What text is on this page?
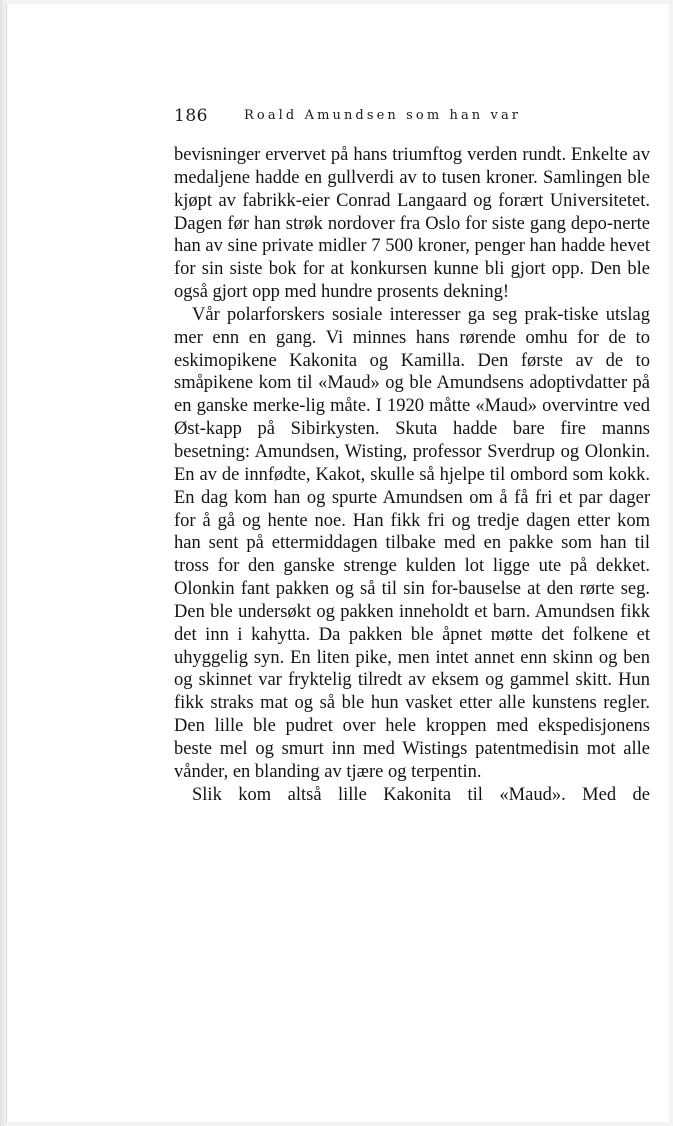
186	Roald Amundsen som han var

bevisninger ervervet på hans triumftog verden rundt. Enkelte av medaljene hadde en gullverdi av to tusen kroner. Samlingen ble kjøpt av fabrikk-eier Conrad Langaard og forært Universitetet. Dagen før han strøk nordover fra Oslo for siste gang depo-nerte han av sine private midler 7 500 kroner, penger han hadde hevet for sin siste bok for at konkursen kunne bli gjort opp. Den ble også gjort opp med hundre prosents dekning!

Vår polarforskers sosiale interesser ga seg prak-tiske utslag mer enn en gang. Vi minnes hans rørende omhu for de to eskimopikene Kakonita og Kamilla. Den første av de to småpikene kom til «Maud» og ble Amundsens adoptivdatter på en ganske merke-lig måte. I 1920 måtte «Maud» overvintre ved Øst-kapp på Sibirkysten. Skuta hadde bare fire manns besetning: Amundsen, Wisting, professor Sverdrup og Olonkin. En av de innfødte, Kakot, skulle så hjelpe til ombord som kokk. En dag kom han og spurte Amundsen om å få fri et par dager for å gå og hente noe. Han fikk fri og tredje dagen etter kom han sent på ettermiddagen tilbake med en pakke som han til tross for den ganske strenge kulden lot ligge ute på dekket. Olonkin fant pakken og så til sin for-bauselse at den rørte seg. Den ble undersøkt og pakken inneholdt et barn. Amundsen fikk det inn i kahytta. Da pakken ble åpnet møtte det folkene et uhyggelig syn. En liten pike, men intet annet enn skinn og ben og skinnet var fryktelig tilredt av eksem og gammel skitt. Hun fikk straks mat og så ble hun vasket etter alle kunstens regler. Den lille ble pudret over hele kroppen med ekspedisjonens beste mel og smurt inn med Wistings patentmedisin mot alle vånder, en blanding av tjære og terpentin.

Slik kom altså lille Kakonita til «Maud». Med de
